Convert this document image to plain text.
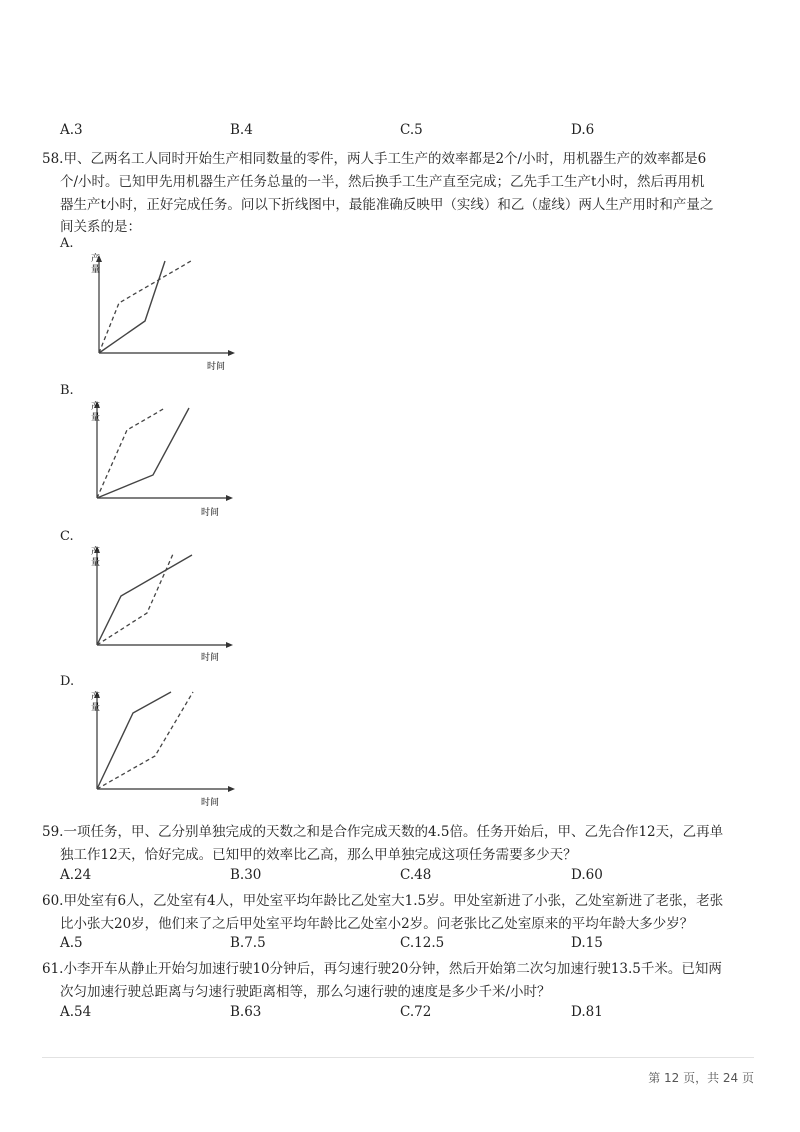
A.3	B.4	C.5	D.6
58.甲、乙两名工人同时开始生产相同数量的零件，两人手工生产的效率都是2个/小时，用机器生产的效率都是6
个/小时。已知甲先用机器生产任务总量的一半，然后换手工生产直至完成；乙先手工生产t小时，然后再用机
器生产t小时，正好完成任务。问以下折线图中，最能准确反映甲（实线）和乙（虚线）两人生产用时和产量之
间关系的是：
A.
产
量
时间
B.
产
量
时间
C.
产
量
时间
D.
产
量
时间
59.一项任务，甲、乙分别单独完成的天数之和是合作完成天数的4.5倍。任务开始后，甲、乙先合作12天，乙再单
独工作12天，恰好完成。已知甲的效率比乙高，那么甲单独完成这项任务需要多少天？
A.24	B.30	C.48	D.60
60.甲处室有6人，乙处室有4人，甲处室平均年龄比乙处室大1.5岁。甲处室新进了小张，乙处室新进了老张，老张
比小张大20岁，他们来了之后甲处室平均年龄比乙处室小2岁。问老张比乙处室原来的平均年龄大多少岁？
A.5	B.7.5	C.12.5	D.15
61.小李开车从静止开始匀加速行驶10分钟后，再匀速行驶20分钟，然后开始第二次匀加速行驶13.5千米。已知两
次匀加速行驶总距离与匀速行驶距离相等，那么匀速行驶的速度是多少千米/小时？
A.54	B.63	C.72	D.81
第 12 页，共 24 页
